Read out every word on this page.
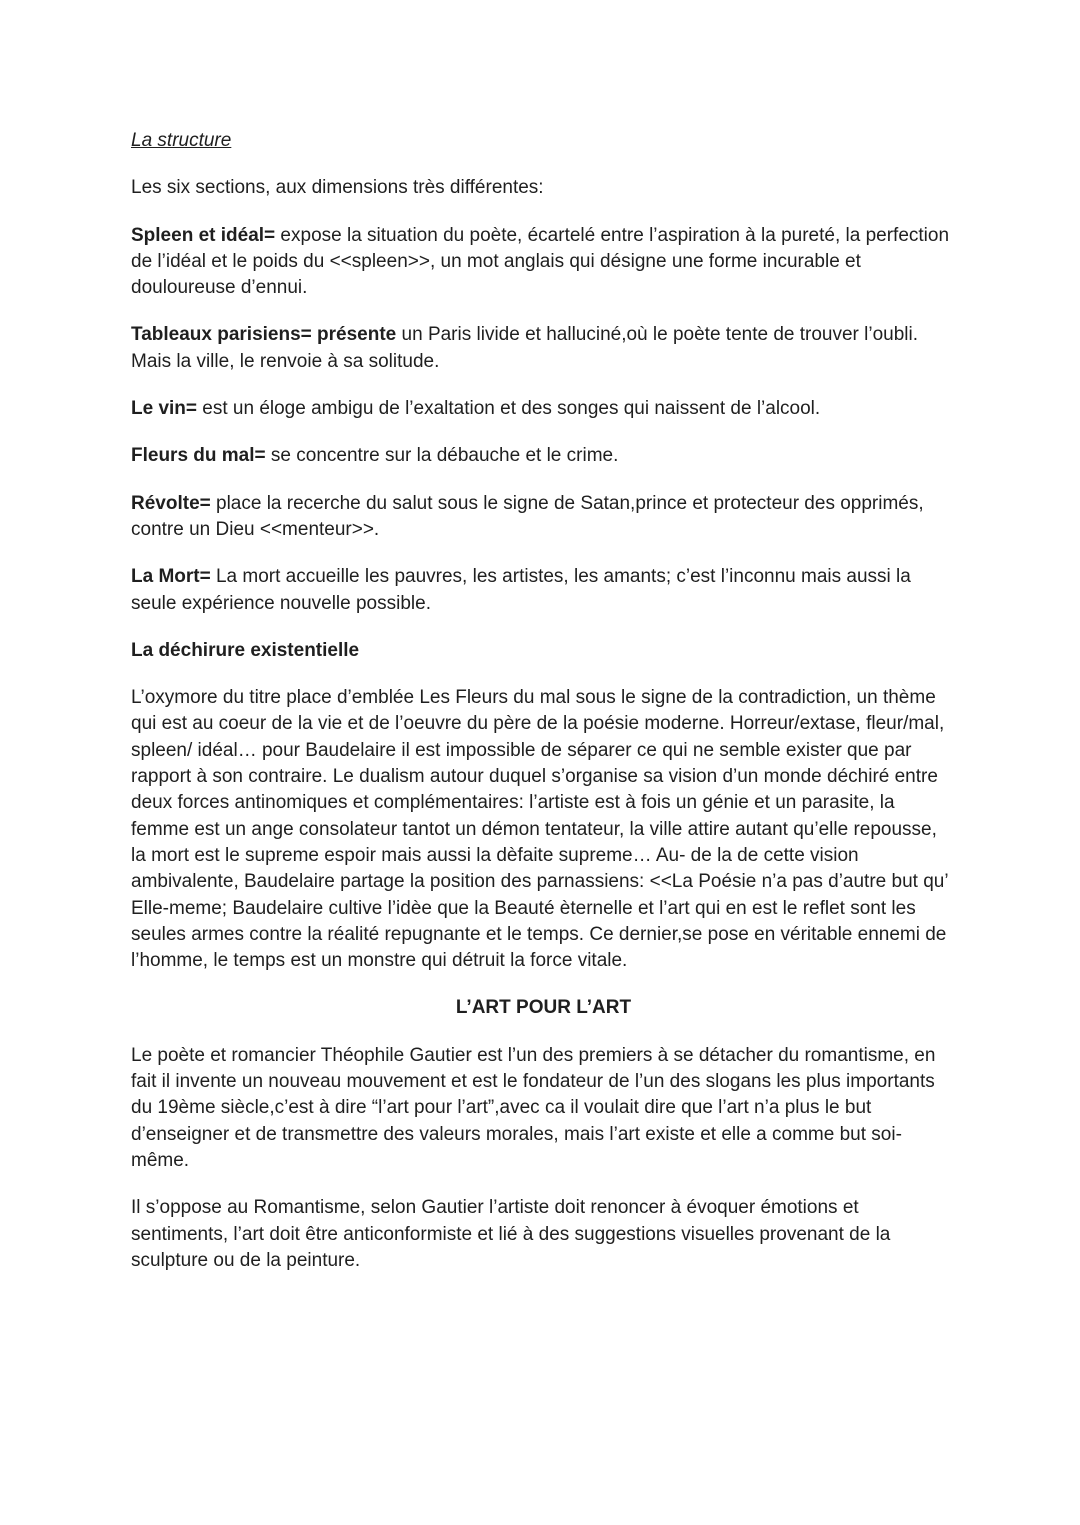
La structure

Les six sections, aux dimensions très différentes:

Spleen et idéal= expose la situation du poète, écartelé entre l’aspiration à la pureté, la perfection de l’idéal et le poids du <<spleen>>, un mot anglais qui désigne une forme incurable et douloureuse d’ennui.

Tableaux parisiens= présente un Paris livide et halluciné,où le poète tente de trouver l’oubli. Mais la ville, le renvoie à sa solitude.

Le vin= est un éloge ambigu de l’exaltation et des songes qui naissent de l’alcool.

Fleurs du mal= se concentre sur la débauche et le crime.

Révolte= place la recerche du salut sous le signe de Satan,prince et protecteur des opprimés, contre un Dieu <<menteur>>.

La Mort= La mort accueille les pauvres, les artistes, les amants; c’est l’inconnu mais aussi la seule expérience nouvelle possible.

La déchirure existentielle

L’oxymore du titre place d’emblée Les Fleurs du mal sous le signe de la contradiction, un thème qui est au coeur de la vie et de l’oeuvre du père de la poésie moderne. Horreur/extase, fleur/mal, spleen/ idéal… pour Baudelaire il est impossible de séparer ce qui ne semble exister que par rapport à son contraire. Le dualism autour duquel s’organise sa vision d’un monde déchiré entre deux forces antinomiques et complémentaires: l’artiste est à fois un génie et un parasite, la femme est un ange consolateur tantot un démon tentateur, la ville attire autant qu’elle repousse, la mort est le supreme espoir mais aussi la dèfaite supreme… Au- de la de cette vision ambivalente, Baudelaire partage la position des parnassiens: <<La Poésie n’a pas d’autre but qu’ Elle-meme; Baudelaire cultive l’idèe que la Beauté èternelle et l’art qui en est le reflet sont les seules armes contre la réalité repugnante et le temps. Ce dernier,se pose en véritable ennemi de l’homme, le temps est un monstre qui détruit la force vitale.

L’ART POUR L’ART

Le poète et romancier Théophile Gautier est l’un des premiers à se détacher du romantisme, en fait il invente un nouveau mouvement et est le fondateur de l’un des slogans les plus importants du 19ème siècle,c’est à dire “l’art pour l’art”,avec ca il voulait dire que l’art n’a plus le but d’enseigner et de transmettre des valeurs morales, mais l’art existe et elle a comme but soi-même.

Il s’oppose au Romantisme, selon Gautier l’artiste doit renoncer à évoquer émotions et sentiments, l’art doit être anticonformiste et lié à des suggestions visuelles provenant de la sculpture ou de la peinture.
